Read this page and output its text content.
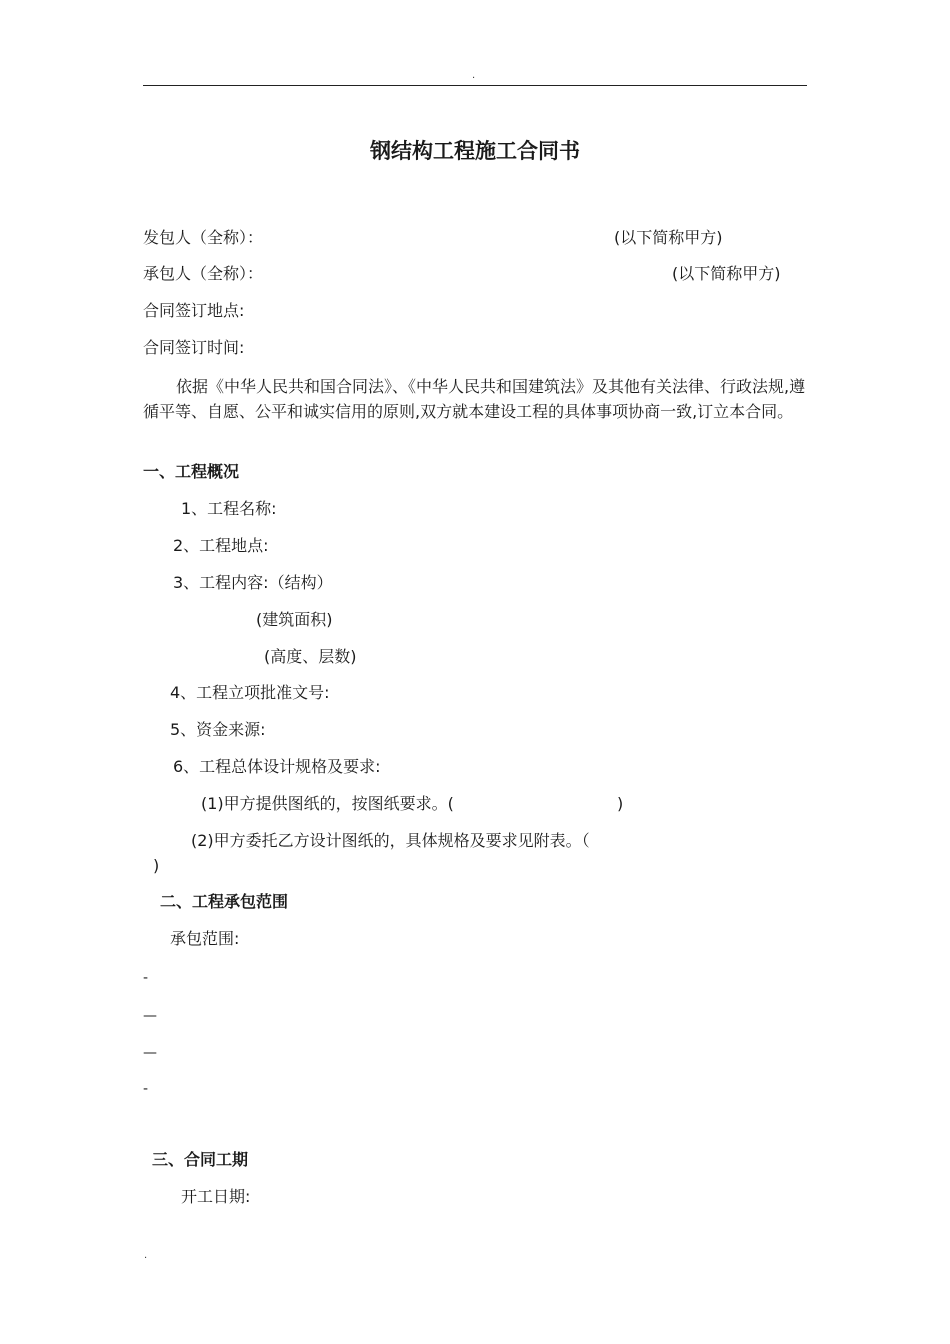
.
钢结构工程施工合同书
发包人（全称）：	(以下简称甲方)
承包人（全称）：	(以下简称甲方)
合同签订地点:
合同签订时间:
依据《中华人民共和国合同法》、《中华人民共和国建筑法》及其他有关法律、行政法规,遵循平等、自愿、公平和诚实信用的原则,双方就本建设工程的具体事项协商一致,订立本合同。
一、工程概况
1、工程名称:
2、工程地点:
3、工程内容:（结构）
(建筑面积)
(高度、层数)
4、工程立项批准文号:
5、资金来源:
6、工程总体设计规格及要求:
(1)甲方提供图纸的，按图纸要求。(	)
(2)甲方委托乙方设计图纸的，具体规格及要求见附表。（
)
二、工程承包范围
承包范围:
-
—
—
-
三、合同工期
开工日期:
.
